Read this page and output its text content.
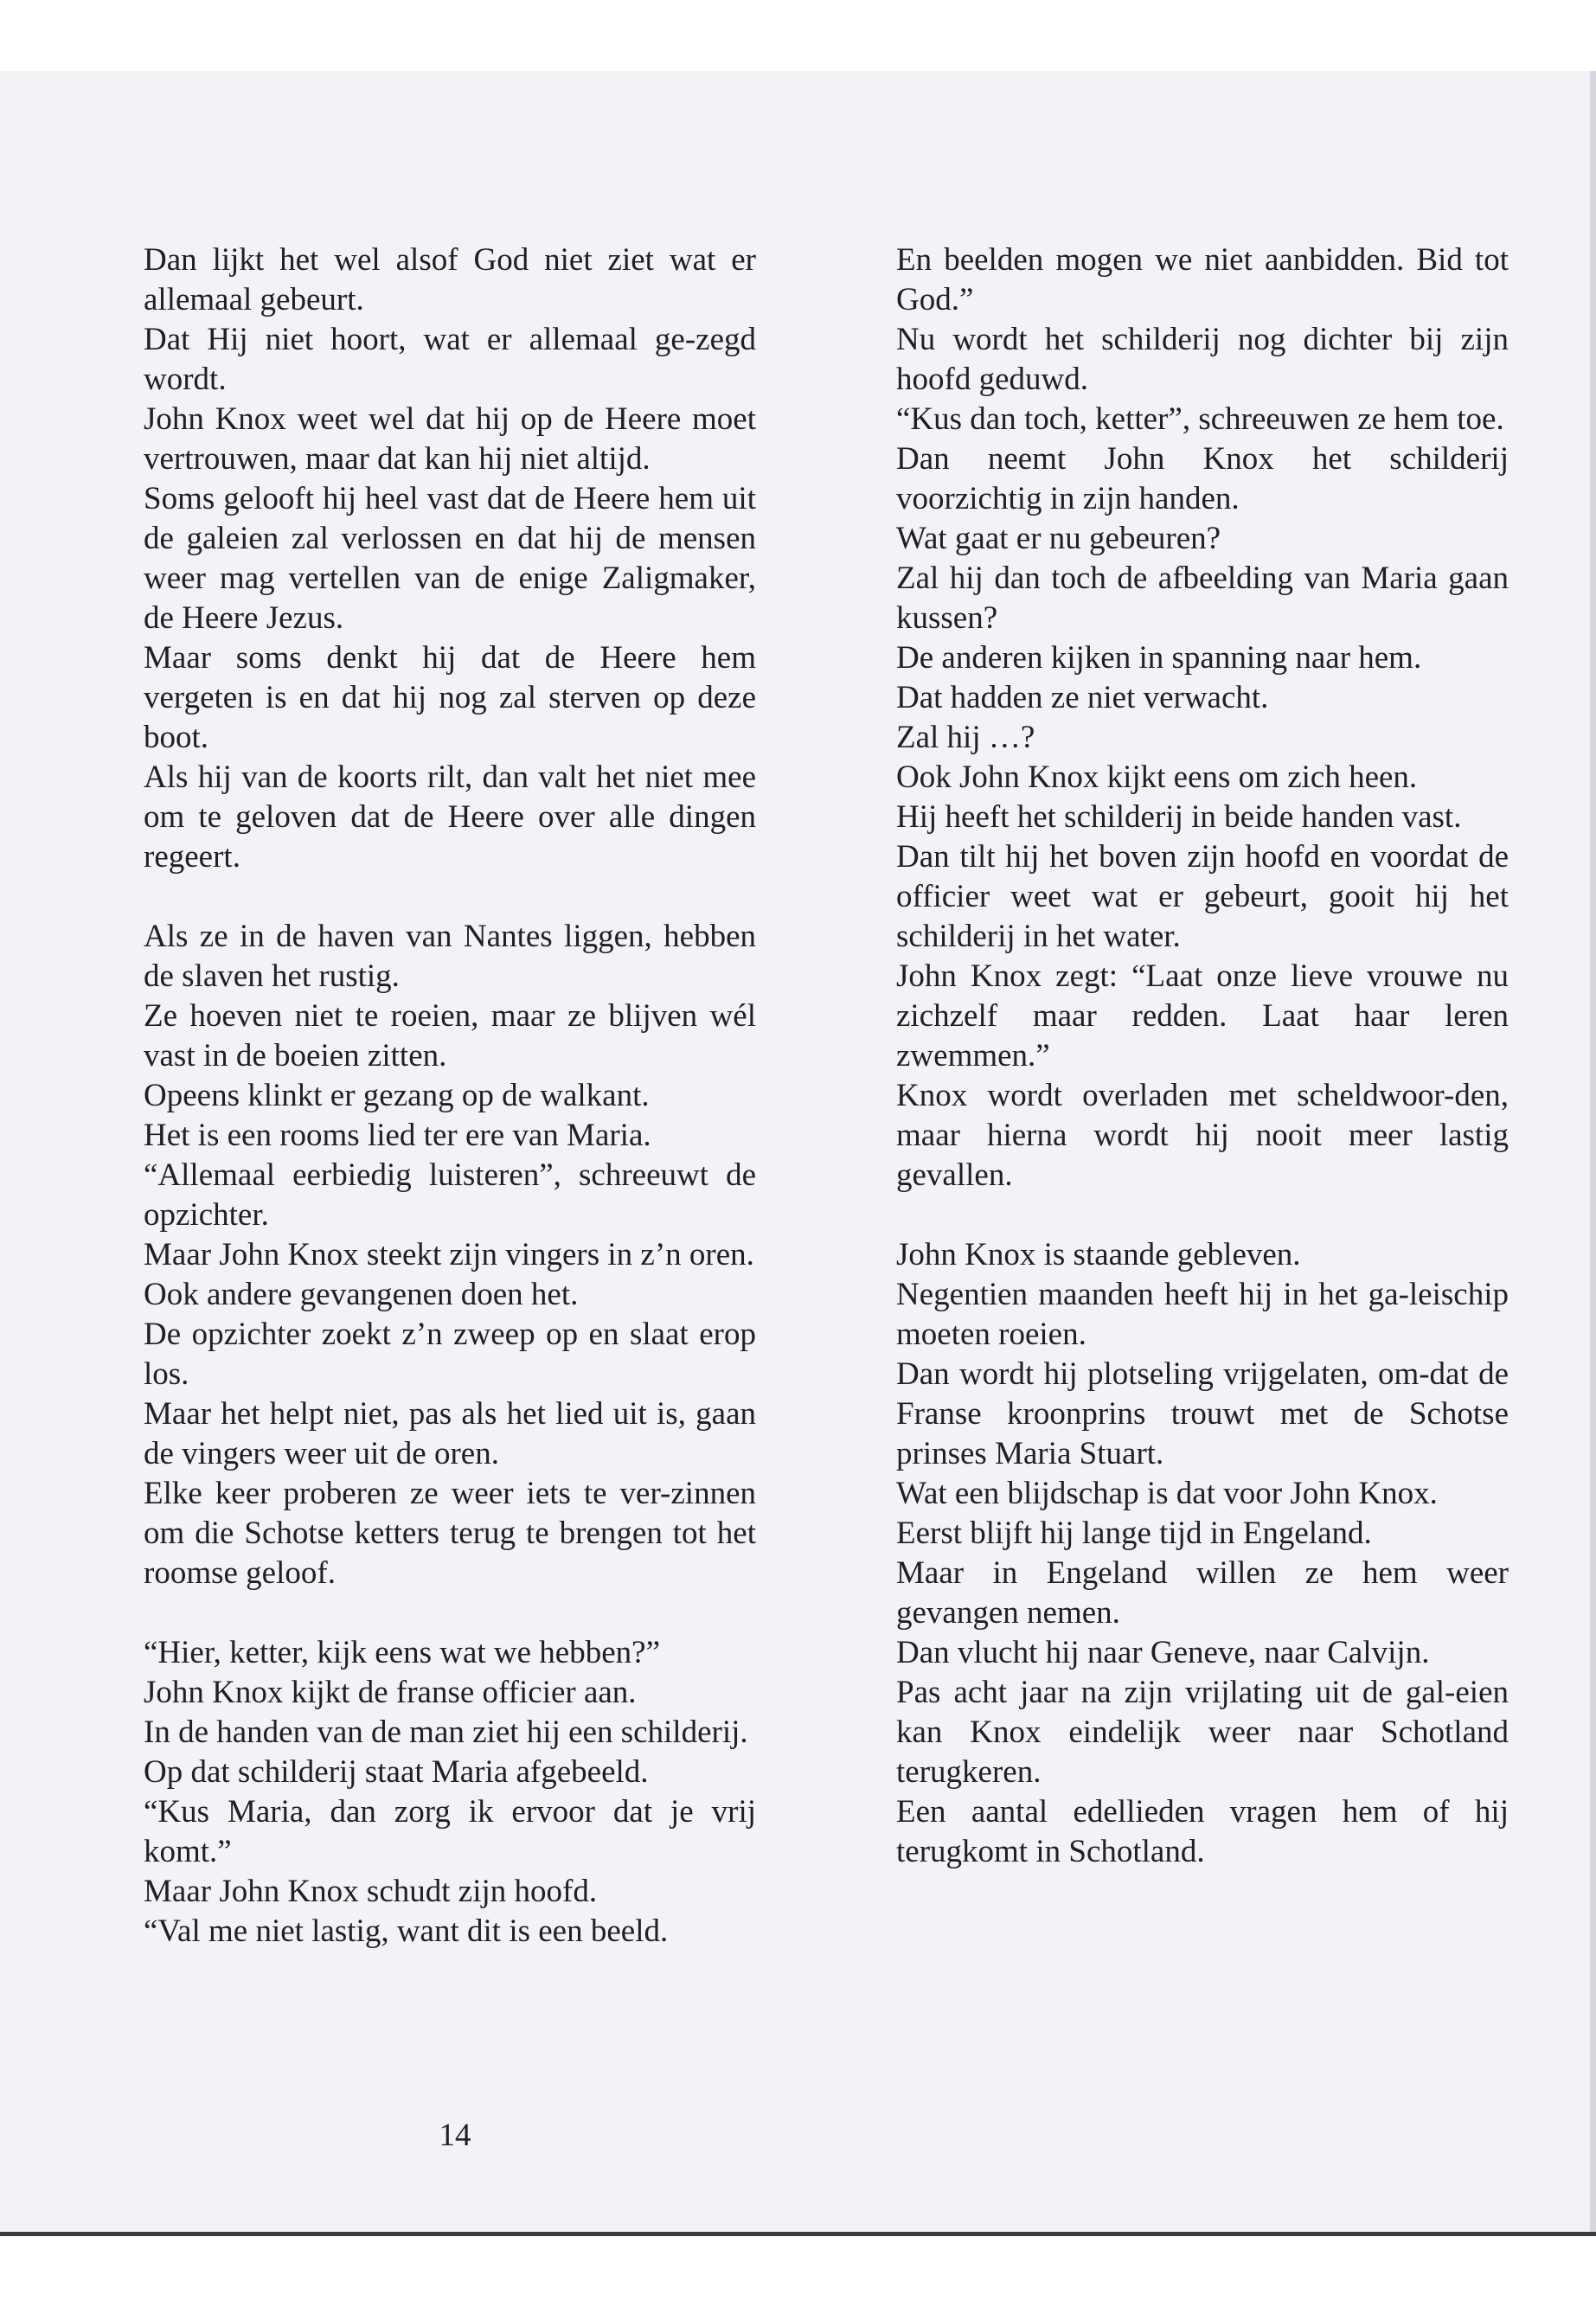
Dan lijkt het wel alsof God niet ziet wat er allemaal gebeurt.

Dat Hij niet hoort, wat er allemaal ge-zegd wordt.

John Knox weet wel dat hij op de Heere moet vertrouwen, maar dat kan hij niet altijd.

Soms gelooft hij heel vast dat de Heere hem uit de galeien zal verlossen en dat hij de mensen weer mag vertellen van de enige Zaligmaker, de Heere Jezus.

Maar soms denkt hij dat de Heere hem vergeten is en dat hij nog zal sterven op deze boot.

Als hij van de koorts rilt, dan valt het niet mee om te geloven dat de Heere over alle dingen regeert.

Als ze in de haven van Nantes liggen, hebben de slaven het rustig.

Ze hoeven niet te roeien, maar ze blijven wél vast in de boeien zitten.

Opeens klinkt er gezang op de walkant.

Het is een rooms lied ter ere van Maria.

“Allemaal eerbiedig luisteren”, schreeuwt de opzichter.

Maar John Knox steekt zijn vingers in z’n oren.

Ook andere gevangenen doen het.

De opzichter zoekt z’n zweep op en slaat erop los.

Maar het helpt niet, pas als het lied uit is, gaan de vingers weer uit de oren.

Elke keer proberen ze weer iets te ver-zinnen om die Schotse ketters terug te brengen tot het roomse geloof.

“Hier, ketter, kijk eens wat we hebben?”

John Knox kijkt de franse officier aan.

In de handen van de man ziet hij een schilderij.

Op dat schilderij staat Maria afgebeeld.

“Kus Maria, dan zorg ik ervoor dat je vrij komt.”

Maar John Knox schudt zijn hoofd.

“Val me niet lastig, want dit is een beeld.

En beelden mogen we niet aanbidden. Bid tot God.”

Nu wordt het schilderij nog dichter bij zijn hoofd geduwd.

“Kus dan toch, ketter”, schreeuwen ze hem toe.

Dan neemt John Knox het schilderij voorzichtig in zijn handen.

Wat gaat er nu gebeuren?

Zal hij dan toch de afbeelding van Maria gaan kussen?

De anderen kijken in spanning naar hem.

Dat hadden ze niet verwacht.

Zal hij …?

Ook John Knox kijkt eens om zich heen.

Hij heeft het schilderij in beide handen vast.

Dan tilt hij het boven zijn hoofd en voordat de officier weet wat er gebeurt, gooit hij het schilderij in het water.

John Knox zegt: “Laat onze lieve vrouwe nu zichzelf maar redden. Laat haar leren zwemmen.”

Knox wordt overladen met scheldwoor-den, maar hierna wordt hij nooit meer lastig gevallen.

John Knox is staande gebleven.

Negentien maanden heeft hij in het ga-leischip moeten roeien.

Dan wordt hij plotseling vrijgelaten, om-dat de Franse kroonprins trouwt met de Schotse prinses Maria Stuart.

Wat een blijdschap is dat voor John Knox.

Eerst blijft hij lange tijd in Engeland.

Maar in Engeland willen ze hem weer gevangen nemen.

Dan vlucht hij naar Geneve, naar Calvijn.

Pas acht jaar na zijn vrijlating uit de gal-eien kan Knox eindelijk weer naar Schotland terugkeren.

Een aantal edellieden vragen hem of hij terugkomt in Schotland.

14
